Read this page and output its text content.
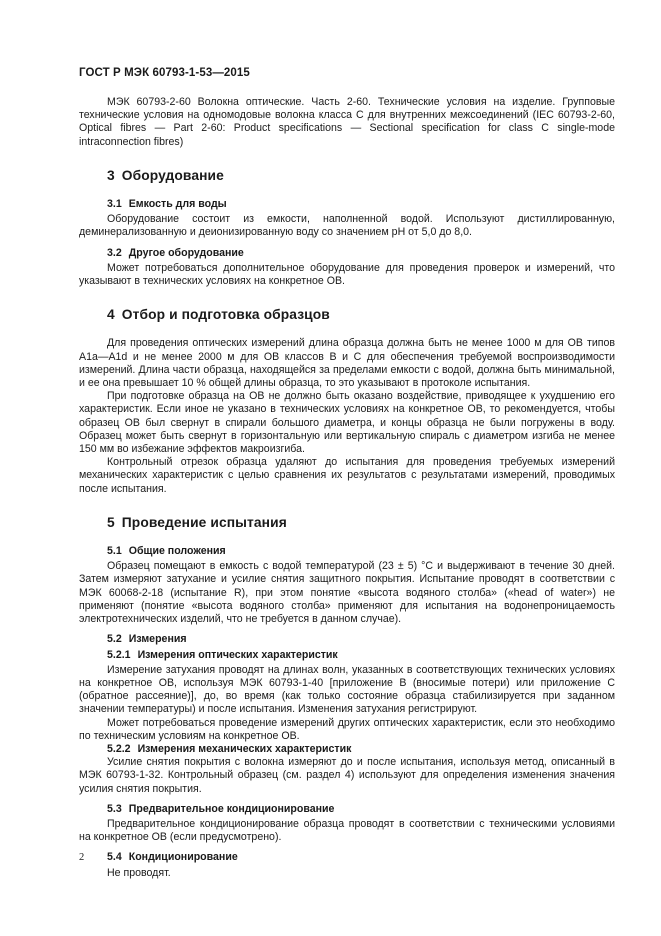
ГОСТ Р МЭК 60793-1-53—2015

МЭК 60793-2-60 Волокна оптические. Часть 2-60. Технические условия на изделие. Групповые технические условия на одномодовые волокна класса C для внутренних межсоединений (IEC 60793-2-60, Optical fibres — Part 2-60: Product specifications — Sectional specification for class C single-mode intraconnection fibres)

3 Оборудование
3.1 Емкость для воды

Оборудование состоит из емкости, наполненной водой. Используют дистиллированную, деминерализованную и деионизированную воду со значением рН от 5,0 до 8,0.

3.2 Другое оборудование

Может потребоваться дополнительное оборудование для проведения проверок и измерений, что указывают в технических условиях на конкретное ОВ.

4 Отбор и подготовка образцов

Для проведения оптических измерений длина образца должна быть не менее 1000 м для ОВ типов A1a—A1d и не менее 2000 м для ОВ классов B и C для обеспечения требуемой воспроизводимости измерений. Длина части образца, находящейся за пределами емкости с водой, должна быть минимальной, и ее она превышает 10 % общей длины образца, то это указывают в протоколе испытания.

При подготовке образца на ОВ не должно быть оказано воздействие, приводящее к ухудшению его характеристик. Если иное не указано в технических условиях на конкретное ОВ, то рекомендуется, чтобы образец ОВ был свернут в спирали большого диаметра, и концы образца не были погружены в воду. Образец может быть свернут в горизонтальную или вертикальную спираль с диаметром изгиба не менее 150 мм во избежание эффектов макроизгиба.

Контрольный отрезок образца удаляют до испытания для проведения требуемых измерений механических характеристик с целью сравнения их результатов с результатами измерений, проводимых после испытания.

5 Проведение испытания
5.1 Общие положения

Образец помещают в емкость с водой температурой (23 ± 5) °C и выдерживают в течение 30 дней. Затем измеряют затухание и усилие снятия защитного покрытия. Испытание проводят в соответствии с МЭК 60068-2-18 (испытание R), при этом понятие «высота водяного столба» («head of water») не применяют (понятие «высота водяного столба» применяют для испытания на водонепроницаемость электротехнических изделий, что не требуется в данном случае).

5.2 Измерения
5.2.1 Измерения оптических характеристик

Измерение затухания проводят на длинах волн, указанных в соответствующих технических условиях на конкретное ОВ, используя МЭК 60793-1-40 [приложение B (вносимые потери) или приложение C (обратное рассеяние)], до, во время (как только состояние образца стабилизируется при заданном значении температуры) и после испытания. Изменения затухания регистрируют.

Может потребоваться проведение измерений других оптических характеристик, если это необходимо по техническим условиям на конкретное ОВ.

5.2.2 Измерения механических характеристик

Усилие снятия покрытия с волокна измеряют до и после испытания, используя метод, описанный в МЭК 60793-1-32. Контрольный образец (см. раздел 4) используют для определения изменения значения усилия снятия покрытия.

5.3 Предварительное кондиционирование

Предварительное кондиционирование образца проводят в соответствии с техническими условиями на конкретное ОВ (если предусмотрено).

5.4 Кондиционирование

Не проводят.

2
